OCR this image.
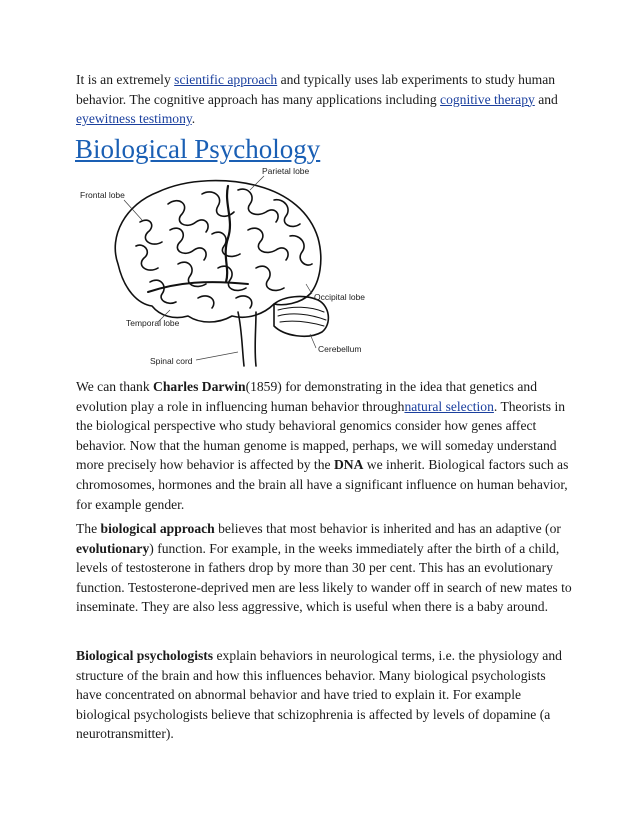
It is an extremely scientific approach and typically uses lab experiments to study human behavior. The cognitive approach has many applications including cognitive therapy and eyewitness testimony.

Biological Psychology
Parietal lobe
Frontal lobe
Occipital lobe
Temporal lobe
Cerebellum
Spinal cord

We can thank Charles Darwin(1859) for demonstrating in the idea that genetics and evolution play a role in influencing human behavior throughnatural selection. Theorists in the biological perspective who study behavioral genomics consider how genes affect behavior. Now that the human genome is mapped, perhaps, we will someday understand more precisely how behavior is affected by the DNA we inherit. Biological factors such as chromosomes, hormones and the brain all have a significant influence on human behavior, for example gender.

The biological approach believes that most behavior is inherited and has an adaptive (or evolutionary) function. For example, in the weeks immediately after the birth of a child, levels of testosterone in fathers drop by more than 30 per cent. This has an evolutionary function. Testosterone-deprived men are less likely to wander off in search of new mates to inseminate. They are also less aggressive, which is useful when there is a baby around.

Biological psychologists explain behaviors in neurological terms, i.e. the physiology and structure of the brain and how this influences behavior. Many biological psychologists have concentrated on abnormal behavior and have tried to explain it. For example biological psychologists believe that schizophrenia is affected by levels of dopamine (a neurotransmitter).
